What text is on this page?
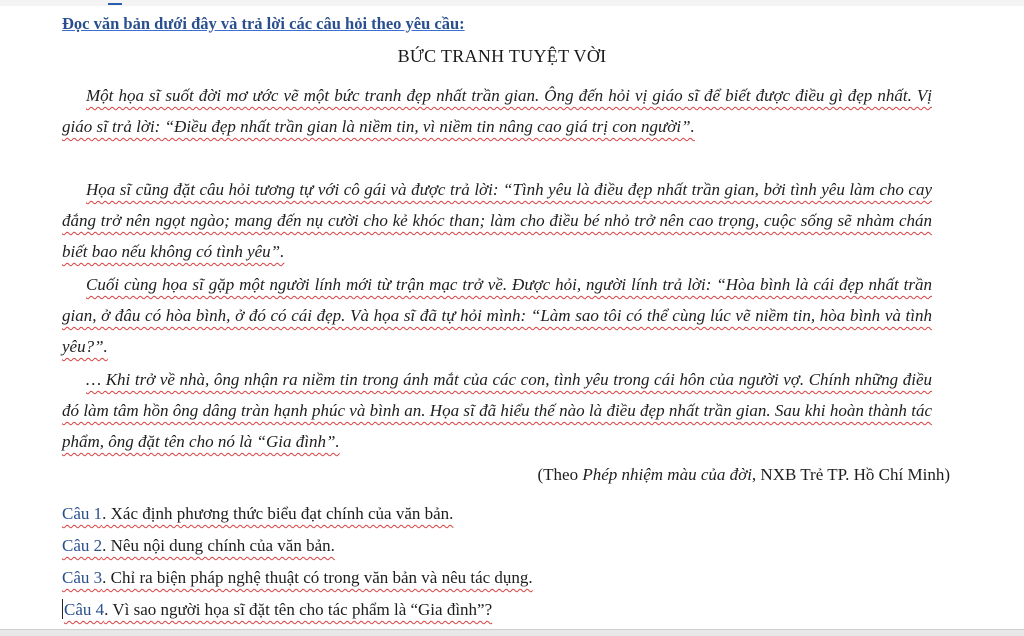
Đọc văn bản dưới đây và trả lời các câu hỏi theo yêu cầu:
BỨC TRANH TUYỆT VỜI
Một họa sĩ suốt đời mơ ước vẽ một bức tranh đẹp nhất trần gian. Ông đến hỏi vị giáo sĩ để biết được điều gì đẹp nhất. Vị giáo sĩ trả lời: “Điều đẹp nhất trần gian là niềm tin, vì niềm tin nâng cao giá trị con người”.
Họa sĩ cũng đặt câu hỏi tương tự với cô gái và được trả lời: “Tình yêu là điều đẹp nhất trần gian, bởi tình yêu làm cho cay đắng trở nên ngọt ngào; mang đến nụ cười cho kẻ khóc than; làm cho điều bé nhỏ trở nên cao trọng, cuộc sống sẽ nhàm chán biết bao nếu không có tình yêu”.
Cuối cùng họa sĩ gặp một người lính mới từ trận mạc trở về. Được hỏi, người lính trả lời: “Hòa bình là cái đẹp nhất trần gian, ở đâu có hòa bình, ở đó có cái đẹp. Và họa sĩ đã tự hỏi mình: “Làm sao tôi có thể cùng lúc vẽ niềm tin, hòa bình và tình yêu?”.
… Khi trở về nhà, ông nhận ra niềm tin trong ánh mắt của các con, tình yêu trong cái hôn của người vợ. Chính những điều đó làm tâm hồn ông dâng tràn hạnh phúc và bình an. Họa sĩ đã hiểu thế nào là điều đẹp nhất trần gian. Sau khi hoàn thành tác phẩm, ông đặt tên cho nó là “Gia đình”.
(Theo Phép nhiệm màu của đời, NXB Trẻ TP. Hồ Chí Minh)
Câu 1. Xác định phương thức biểu đạt chính của văn bản.
Câu 2. Nêu nội dung chính của văn bản.
Câu 3. Chỉ ra biện pháp nghệ thuật có trong văn bản và nêu tác dụng.
Câu 4. Vì sao người họa sĩ đặt tên cho tác phẩm là “Gia đình”?
